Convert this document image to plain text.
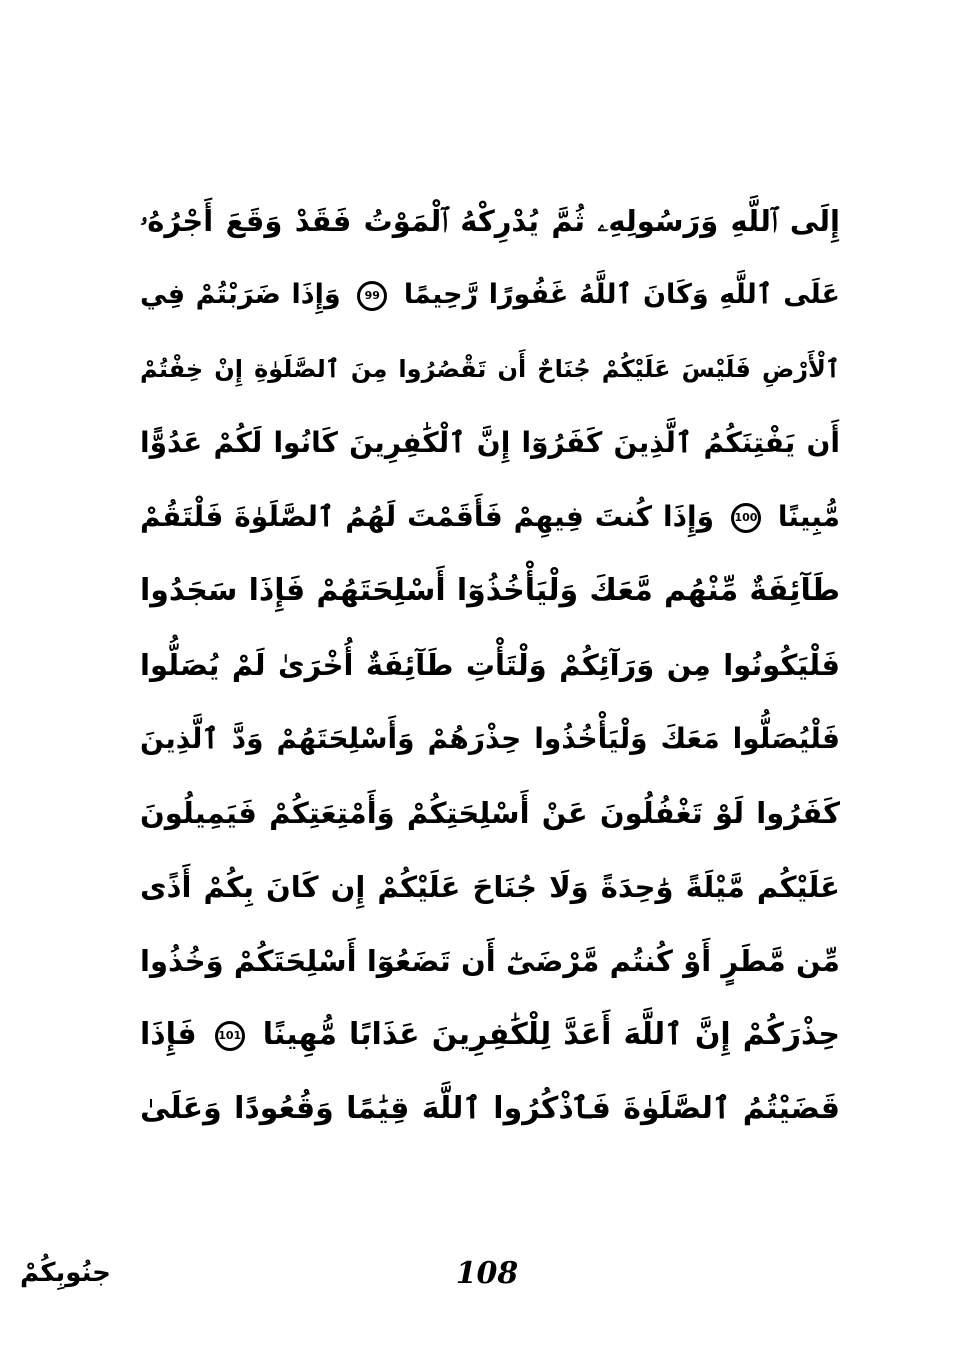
إِلَى ٱللَّهِ وَرَسُولِهِۦ ثُمَّ يُدْرِكْهُ ٱلْمَوْتُ فَقَدْ وَقَعَ أَجْرُهُۥ
عَلَى ٱللَّهِ وَكَانَ ٱللَّهُ غَفُورًا رَّحِيمًا 99 وَإِذَا ضَرَبْتُمْ فِي
ٱلْأَرْضِ فَلَيْسَ عَلَيْكُمْ جُنَاحٌ أَن تَقْصُرُوا مِنَ ٱلصَّلَوٰةِ إِنْ خِفْتُمْ
أَن يَفْتِنَكُمُ ٱلَّذِينَ كَفَرُوٓا إِنَّ ٱلْكَٰفِرِينَ كَانُوا لَكُمْ عَدُوًّا
مُّبِينًا 100 وَإِذَا كُنتَ فِيهِمْ فَأَقَمْتَ لَهُمُ ٱلصَّلَوٰةَ فَلْتَقُمْ
طَآئِفَةٌ مِّنْهُم مَّعَكَ وَلْيَأْخُذُوٓا أَسْلِحَتَهُمْ فَإِذَا سَجَدُوا
فَلْيَكُونُوا مِن وَرَآئِكُمْ وَلْتَأْتِ طَآئِفَةٌ أُخْرَىٰ لَمْ يُصَلُّوا
فَلْيُصَلُّوا مَعَكَ وَلْيَأْخُذُوا حِذْرَهُمْ وَأَسْلِحَتَهُمْ وَدَّ ٱلَّذِينَ
كَفَرُوا لَوْ تَغْفُلُونَ عَنْ أَسْلِحَتِكُمْ وَأَمْتِعَتِكُمْ فَيَمِيلُونَ
عَلَيْكُم مَّيْلَةً وَٰحِدَةً وَلَا جُنَاحَ عَلَيْكُمْ إِن كَانَ بِكُمْ أَذًى
مِّن مَّطَرٍ أَوْ كُنتُم مَّرْضَىٰٓ أَن تَضَعُوٓا أَسْلِحَتَكُمْ وَخُذُوا
حِذْرَكُمْ إِنَّ ٱللَّهَ أَعَدَّ لِلْكَٰفِرِينَ عَذَابًا مُّهِينًا 101 فَإِذَا
قَضَيْتُمُ ٱلصَّلَوٰةَ فَٱذْكُرُوا ٱللَّهَ قِيَٰمًا وَقُعُودًا وَعَلَىٰ
جنُوبِكُمْ	108
